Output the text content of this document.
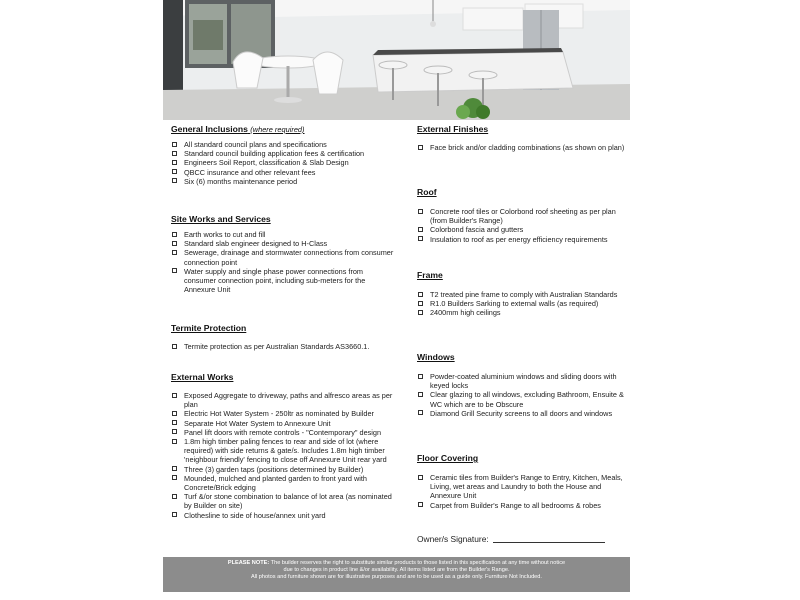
General Inclusions (where required)
All standard council plans and specifications
Standard council building application fees & certification
Engineers Soil Report, classification & Slab Design
QBCC insurance and other relevant fees
Six (6) months maintenance period
Site Works and Services
Earth works to cut and fill
Standard slab engineer designed to H-Class
Sewerage, drainage and stormwater connections from consumer connection point
Water supply and single phase power connections from consumer connection point, including sub-meters for the Annexure Unit
Termite Protection
Termite protection as per Australian Standards AS3660.1.
External Works
Exposed Aggregate to driveway, paths and alfresco areas as per plan
Electric Hot Water System - 250ltr as nominated by Builder
Separate Hot Water System to Annexure Unit
Panel lift doors with remote controls - "Contemporary" design
1.8m high timber paling fences to rear and side of lot (where required) with side returns & gate/s. Includes 1.8m high timber 'neighbour friendly' fencing to close off Annexure Unit rear yard
Three (3) garden taps (positions determined by Builder)
Mounded, mulched and planted garden to front yard with Concrete/Brick edging
Turf &/or stone combination to balance of lot area (as nominated by Builder on site)
Clothesline to side of house/annex unit yard
External Finishes
Face brick and/or cladding combinations (as shown on plan)
Roof
Concrete roof tiles or Colorbond roof sheeting as per plan (from Builder's Range)
Colorbond fascia and gutters
Insulation to roof as per energy efficiency requirements
Frame
T2 treated pine frame to comply with Australian Standards
R1.0 Builders Sarking to external walls (as required)
2400mm high ceilings
Windows
Powder-coated aluminium windows and sliding doors with keyed locks
Clear glazing to all windows, excluding Bathroom, Ensuite & WC which are to be Obscure
Diamond Grill Security screens to all doors and windows
Floor Covering
Ceramic tiles from Builder's Range to Entry, Kitchen, Meals, Living, wet areas and Laundry to both the House and Annexure Unit
Carpet from Builder's Range to all bedrooms & robes
Owner/s Signature:
PLEASE NOTE: The builder reserves the right to substitute similar products to those listed in this specification at any time without notice
due to changes in product line &/or availability. All items listed are from the Builder's Range.
All photos and furniture shown are for illustrative purposes and are to be used as a guide only. Furniture Not Included.
